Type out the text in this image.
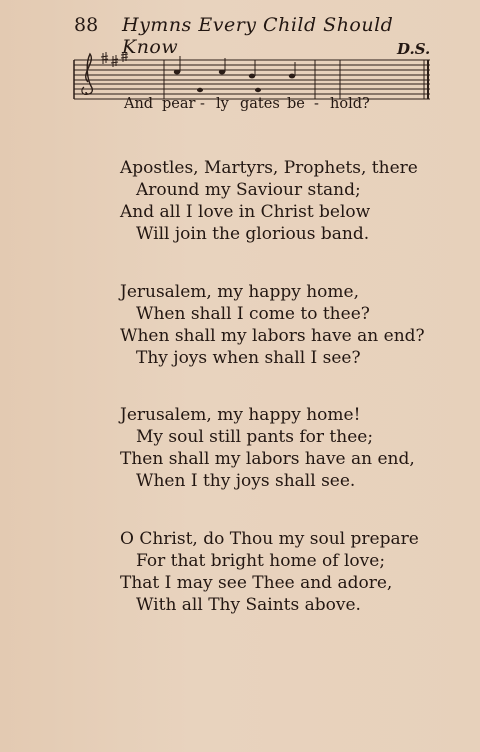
88 Hymns Every Child Should Know	D.S.
And pear - ly gates be - hold?
Apostles, Martyrs, Prophets, there
Around my Saviour stand;
And all I love in Christ below
Will join the glorious band.
Jerusalem, my happy home,
When shall I come to thee?
When shall my labors have an end?
Thy joys when shall I see?
Jerusalem, my happy home!
My soul still pants for thee;
Then shall my labors have an end,
When I thy joys shall see.
O Christ, do Thou my soul prepare
For that bright home of love;
That I may see Thee and adore,
With all Thy Saints above.
